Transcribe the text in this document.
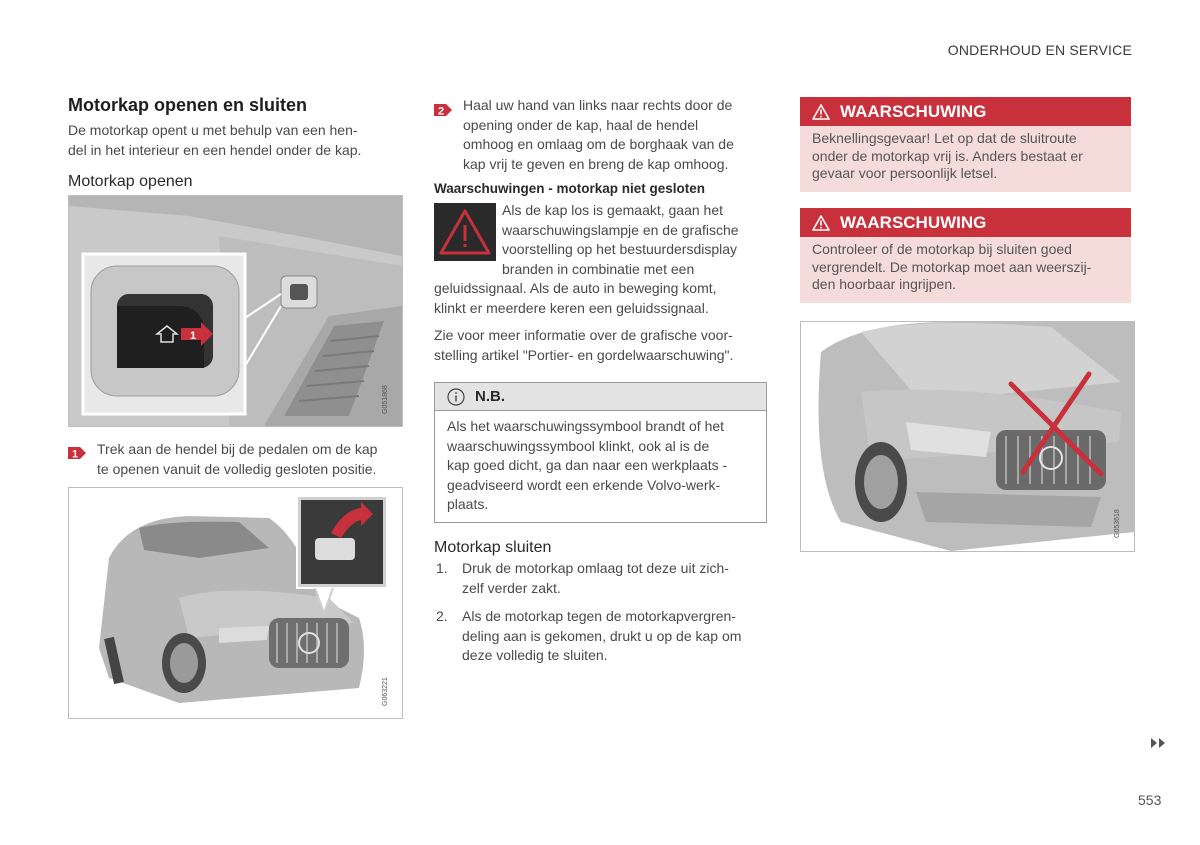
ONDERHOUD EN SERVICE
Motorkap openen en sluiten
De motorkap opent u met behulp van een hen-
del in het interieur en een hendel onder de kap.
Motorkap openen
1
G051868
1 Trek aan de hendel bij de pedalen om de kap
te openen vanuit de volledig gesloten positie.
G063221
2 Haal uw hand van links naar rechts door de
opening onder de kap, haal de hendel
omhoog en omlaag om de borghaak van de
kap vrij te geven en breng de kap omhoog.
Waarschuwingen - motorkap niet gesloten
Als de kap los is gemaakt, gaan het
waarschuwingslampje en de grafische
voorstelling op het bestuurdersdisplay
branden in combinatie met een
geluidssignaal. Als de auto in beweging komt,
klinkt er meerdere keren een geluidssignaal.
Zie voor meer informatie over de grafische voor-
stelling artikel "Portier- en gordelwaarschuwing".
N.B.
Als het waarschuwingssymbool brandt of het
waarschuwingssymbool klinkt, ook al is de
kap goed dicht, ga dan naar een werkplaats -
geadviseerd wordt een erkende Volvo-werk-
plaats.
Motorkap sluiten
1. Druk de motorkap omlaag tot deze uit zich-
zelf verder zakt.
2. Als de motorkap tegen de motorkapvergren-
deling aan is gekomen, drukt u op de kap om
deze volledig te sluiten.
WAARSCHUWING
Beknellingsgevaar! Let op dat de sluitroute
onder de motorkap vrij is. Anders bestaat er
gevaar voor persoonlijk letsel.
WAARSCHUWING
Controleer of de motorkap bij sluiten goed
vergrendelt. De motorkap moet aan weerszij-
den hoorbaar ingrijpen.
G053618
553
